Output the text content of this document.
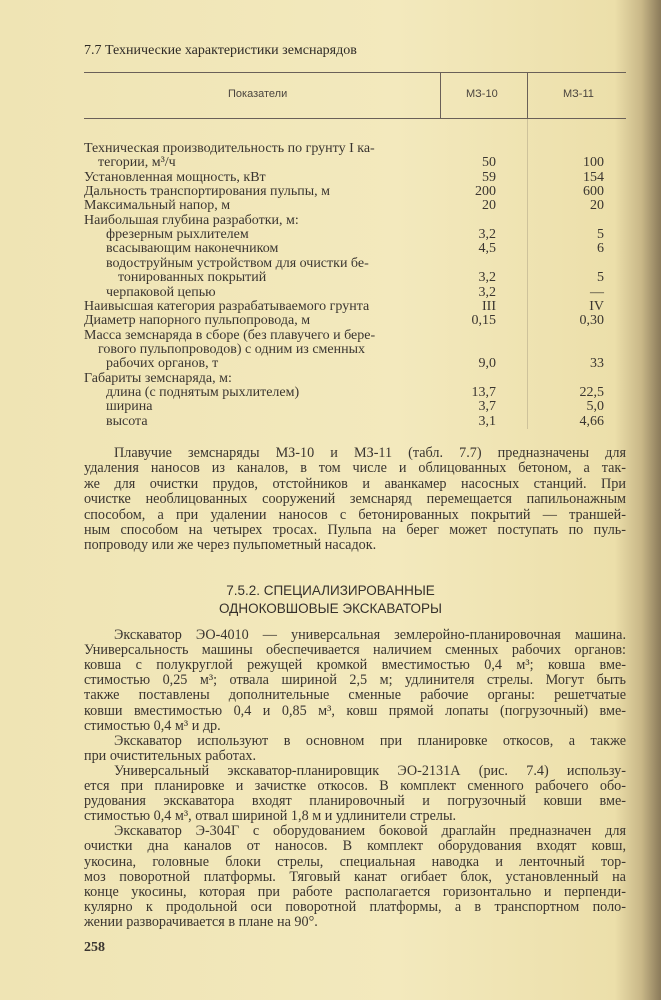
7.7 Технические характеристики земснарядов
Показатели	МЗ-10	МЗ-11
Техническая производительность по грунту I ка-
тегории, м³/ч	50	100
Установленная мощность, кВт	59	154
Дальность транспортирования пульпы, м	200	600
Максимальный напор, м	20	20
Наибольшая глубина разработки, м:
фрезерным рыхлителем	3,2	5
всасывающим наконечником	4,5	6
водоструйным устройством для очистки бе-
тонированных покрытий	3,2	5
черпаковой цепью	3,2	—
Наивысшая категория разрабатываемого грунта	III	IV
Диаметр напорного пульпопровода, м	0,15	0,30
Масса земснаряда в сборе (без плавучего и бере-
гового пульпопроводов) с одним из сменных
рабочих органов, т	9,0	33
Габариты земснаряда, м:
длина (с поднятым рыхлителем)	13,7	22,5
ширина	3,7	5,0
высота	3,1	4,66
Плавучие земснаряды МЗ-10 и МЗ-11 (табл. 7.7) предназначены для
удаления наносов из каналов, в том числе и облицованных бетоном, а так-
же для очистки прудов, отстойников и аванкамер насосных станций. При
очистке необлицованных сооружений земснаряд перемещается папильонажным
способом, а при удалении наносов с бетонированных покрытий — траншей-
ным способом на четырех тросах. Пульпа на берег может поступать по пуль-
попроводу или же через пульпометный насадок.
7.5.2. СПЕЦИАЛИЗИРОВАННЫЕ
ОДНОКОВШОВЫЕ ЭКСКАВАТОРЫ
Экскаватор ЭО-4010 — универсальная землеройно-планировочная машина.
Универсальность машины обеспечивается наличием сменных рабочих органов:
ковша с полукруглой режущей кромкой вместимостью 0,4 м³; ковша вме-
стимостью 0,25 м³; отвала шириной 2,5 м; удлинителя стрелы. Могут быть
также поставлены дополнительные сменные рабочие органы: решетчатые
ковши вместимостью 0,4 и 0,85 м³, ковш прямой лопаты (погрузочный) вме-
стимостью 0,4 м³ и др.
Экскаватор используют в основном при планировке откосов, а также
при очистительных работах.
Универсальный экскаватор-планировщик ЭО-2131А (рис. 7.4) использу-
ется при планировке и зачистке откосов. В комплект сменного рабочего обо-
рудования экскаватора входят планировочный и погрузочный ковши вме-
стимостью 0,4 м³, отвал шириной 1,8 м и удлинители стрелы.
Экскаватор Э-304Г с оборудованием боковой драглайн предназначен для
очистки дна каналов от наносов. В комплект оборудования входят ковш,
укосина, головные блоки стрелы, специальная наводка и ленточный тор-
моз поворотной платформы. Тяговый канат огибает блок, установленный на
конце укосины, которая при работе располагается горизонтально и перпенди-
кулярно к продольной оси поворотной платформы, а в транспортном поло-
жении разворачивается в плане на 90°.
258
